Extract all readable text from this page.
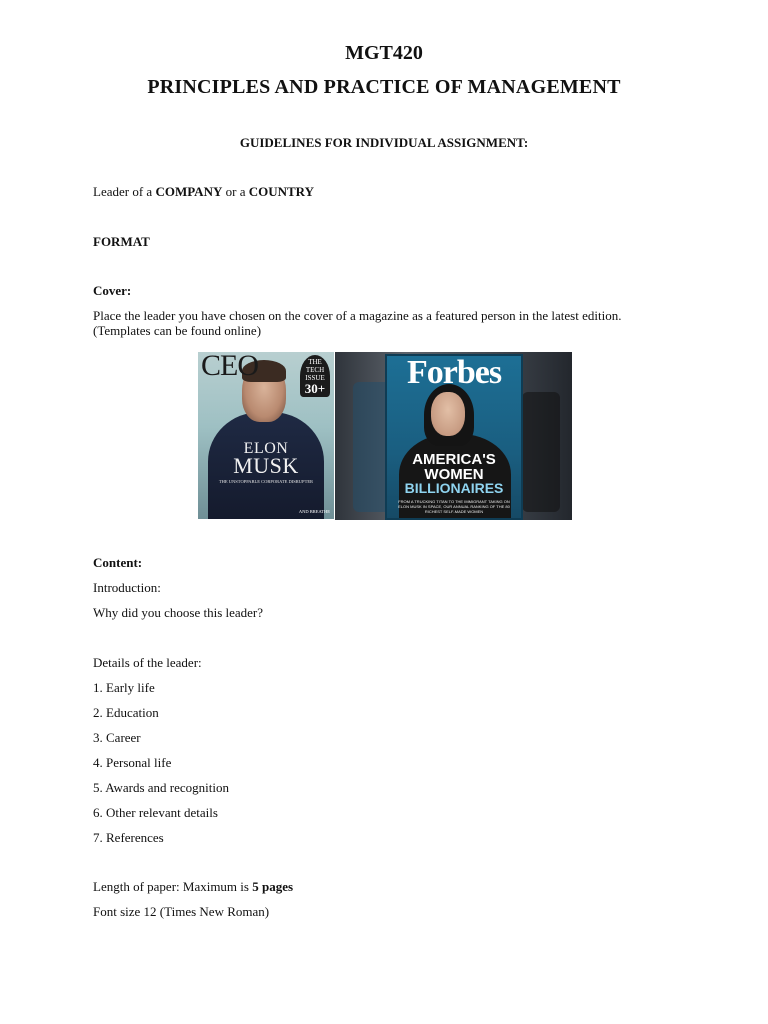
MGT420
PRINCIPLES AND PRACTICE OF MANAGEMENT
GUIDELINES FOR INDIVIDUAL ASSIGNMENT:
Leader of a COMPANY or a COUNTRY
FORMAT
Cover:
Place the leader you have chosen on the cover of a magazine as a featured person in the latest edition.
(Templates can be found online)
CEO	THE TECH ISSUE
30+
ELON
MUSK
THE UNSTOPPABLE CORPORATE DISRUPTER
AND BREATHE
Forbes
AMERICA'S
WOMEN
BILLIONAIRES
FROM A TRUCKING TITAN TO THE IMMIGRANT TAKING ON ELON MUSK IN SPACE, OUR ANNUAL RANKING OF THE 80 RICHEST SELF-MADE WOMEN
Content:
Introduction:
Why did you choose this leader?
Details of the leader:
1. Early life
2. Education
3. Career
4. Personal life
5. Awards and recognition
6. Other relevant details
7. References
Length of paper: Maximum is 5 pages
Font size 12 (Times New Roman)
